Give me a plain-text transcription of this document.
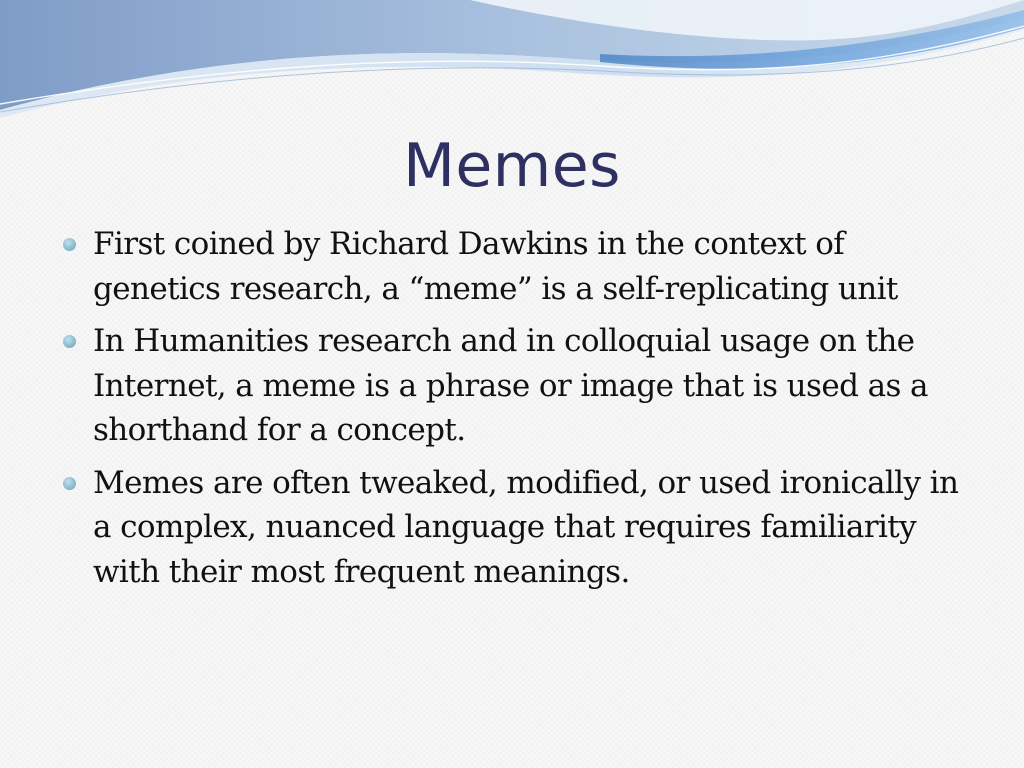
Memes
First coined by Richard Dawkins in the context of genetics research, a “meme” is a self-replicating unit
In Humanities research and in colloquial usage on the Internet, a meme is a phrase or image that is used as a shorthand for a concept.
Memes are often tweaked, modified, or used ironically in a complex, nuanced language that requires familiarity with their most frequent meanings.
